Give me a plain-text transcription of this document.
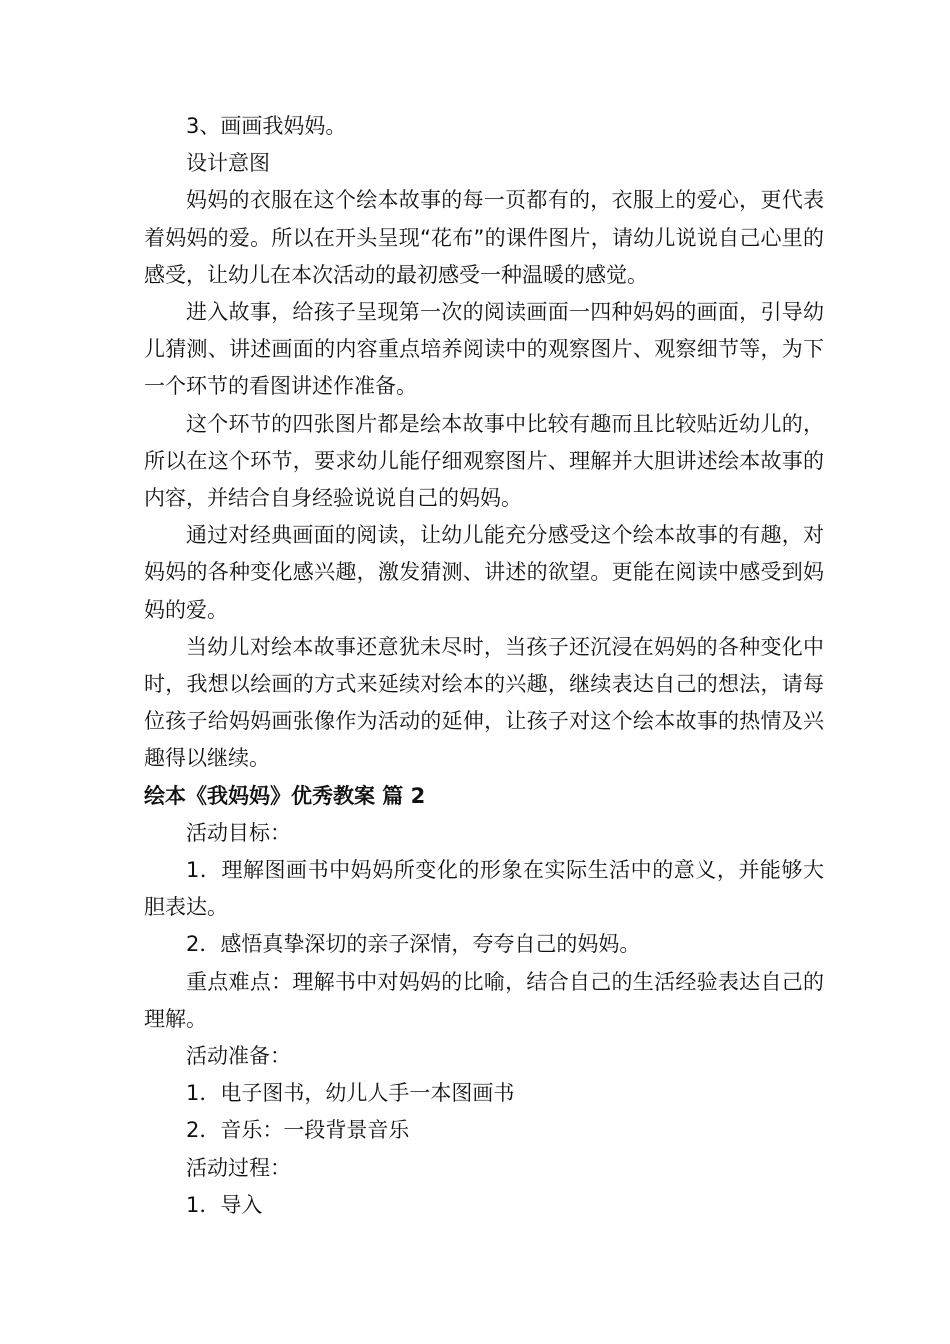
3、画画我妈妈。

设计意图

妈妈的衣服在这个绘本故事的每一页都有的，衣服上的爱心，更代表着妈妈的爱。所以在开头呈现“花布”的课件图片，请幼儿说说自己心里的感受，让幼儿在本次活动的最初感受一种温暖的感觉。

进入故事，给孩子呈现第一次的阅读画面一四种妈妈的画面，引导幼儿猜测、讲述画面的内容重点培养阅读中的观察图片、观察细节等，为下一个环节的看图讲述作准备。

这个环节的四张图片都是绘本故事中比较有趣而且比较贴近幼儿的，所以在这个环节，要求幼儿能仔细观察图片、理解并大胆讲述绘本故事的内容，并结合自身经验说说自己的妈妈。

通过对经典画面的阅读，让幼儿能充分感受这个绘本故事的有趣，对妈妈的各种变化感兴趣，激发猜测、讲述的欲望。更能在阅读中感受到妈妈的爱。

当幼儿对绘本故事还意犹未尽时，当孩子还沉浸在妈妈的各种变化中时，我想以绘画的方式来延续对绘本的兴趣，继续表达自己的想法，请每位孩子给妈妈画张像作为活动的延伸，让孩子对这个绘本故事的热情及兴趣得以继续。

绘本《我妈妈》优秀教案 篇 2

活动目标：

1．理解图画书中妈妈所变化的形象在实际生活中的意义，并能够大胆表达。

2．感悟真挚深切的亲子深情，夸夸自己的妈妈。

重点难点：理解书中对妈妈的比喻，结合自己的生活经验表达自己的理解。

活动准备：

1．电子图书，幼儿人手一本图画书

2．音乐：一段背景音乐

活动过程：

1．导入
